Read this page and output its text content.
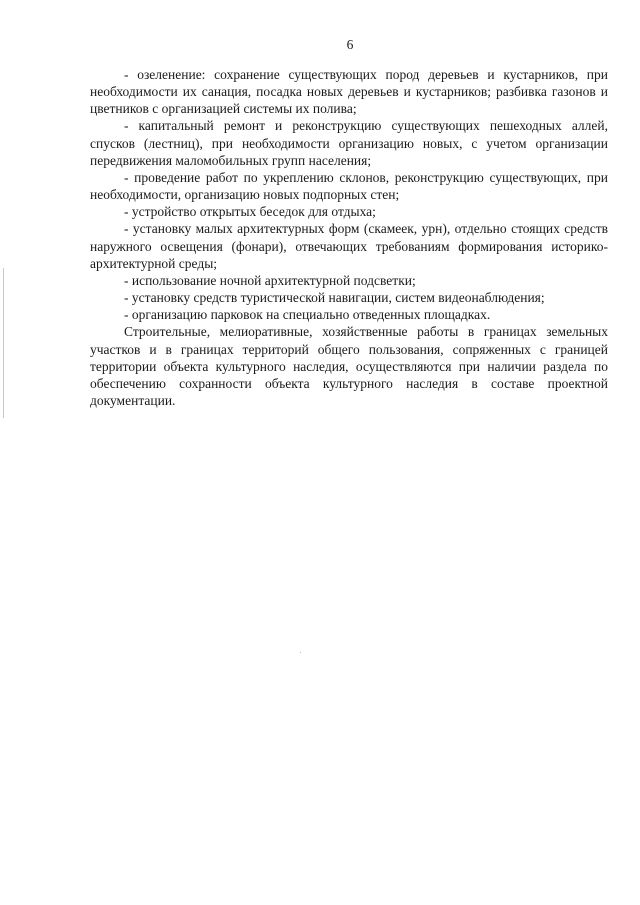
6

- озеленение: сохранение существующих пород деревьев и кустарников, при необходимости их санация, посадка новых деревьев и кустарников; разбивка газонов и цветников с организацией системы их полива;

- капитальный ремонт и реконструкцию существующих пешеходных аллей, спусков (лестниц), при необходимости организацию новых, с учетом организации передвижения маломобильных групп населения;

- проведение работ по укреплению склонов, реконструкцию существующих, при необходимости, организацию новых подпорных стен;

- устройство открытых беседок для отдыха;

- установку малых архитектурных форм (скамеек, урн), отдельно стоящих средств наружного освещения (фонари), отвечающих требованиям формирования историко-архитектурной среды;

- использование ночной архитектурной подсветки;

- установку средств туристической навигации, систем видеонаблюдения;

- организацию парковок на специально отведенных площадках.

Строительные, мелиоративные, хозяйственные работы в границах земельных участков и в границах территорий общего пользования, сопряженных с границей территории объекта культурного наследия, осуществляются при наличии раздела по обеспечению сохранности объекта культурного наследия в составе проектной документации.
